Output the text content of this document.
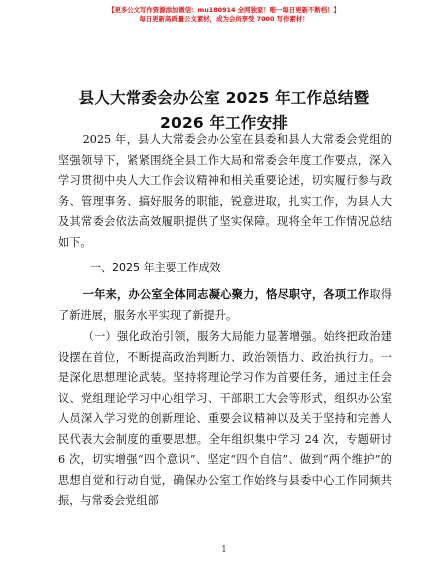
【更多公文写作资源添加微信：mu180914 全网独家！唯一每日更新不断档！】
每日更新高质量公文素材，成为会员享受 7000 写作素材！
县人大常委会办公室 2025 年工作总结暨 2026 年工作安排
2025 年，县人大常委会办公室在县委和县人大常委会党组的坚强领导下，紧紧围绕全县工作大局和常委会年度工作要点，深入学习贯彻中央人大工作会议精神和相关重要论述，切实履行参与政务、管理事务、搞好服务的职能，锐意进取，扎实工作，为县人大及其常委会依法高效履职提供了坚实保障。现将全年工作情况总结如下。
一、2025 年主要工作成效
一年来，办公室全体同志凝心聚力，恪尽职守，各项工作取得了新进展，服务水平实现了新提升。
（一）强化政治引领，服务大局能力显著增强。始终把政治建设摆在首位，不断提高政治判断力、政治领悟力、政治执行力。一是深化思想理论武装。坚持将理论学习作为首要任务，通过主任会议、党组理论学习中心组学习、干部职工大会等形式，组织办公室人员深入学习党的创新理论、重要会议精神以及关于坚持和完善人民代表大会制度的重要思想。全年组织集中学习 24 次，专题研讨 6 次，切实增强“四个意识”、坚定“四个自信”、做到“两个维护”的思想自觉和行动自觉，确保办公室工作始终与县委中心工作同频共振，与常委会党组部
1
